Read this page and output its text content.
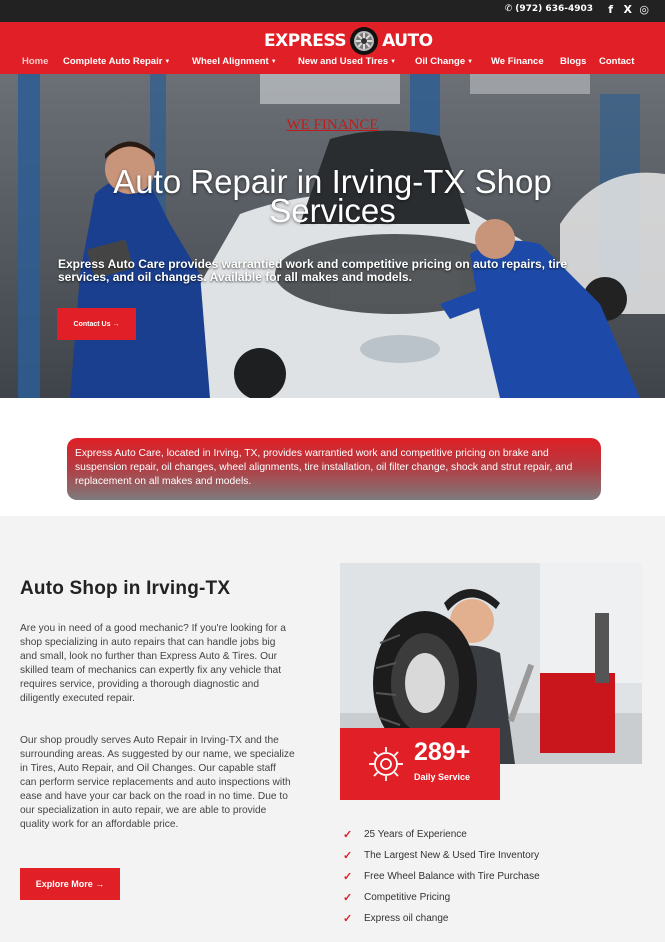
✆ (972) 636-4903 f X ◎
EXPRESS AUTO
Home Complete Auto Repair ▼ Wheel Alignment ▼ New and Used Tires ▼ Oil Change ▼ We Finance Blogs Contact
WE FINANCE
Auto Repair in Irving-TX Shop
Services

Express Auto Care provides warrantied work and competitive pricing on auto repairs, tire services, and oil changes. Available for all makes and models.

Contact Us →
Express Auto Care, located in Irving, TX, provides warrantied work and competitive pricing on brake and suspension repair, oil changes, wheel alignments, tire installation, oil filter change, shock and strut repair, and replacement on all makes and models.
Auto Shop in Irving-TX

Are you in need of a good mechanic? If you're looking for a shop specializing in auto repairs that can handle jobs big and small, look no further than Express Auto & Tires. Our skilled team of mechanics can expertly fix any vehicle that requires service, providing a thorough diagnostic and diligently executed repair.

Our shop proudly serves Auto Repair in Irving-TX and the surrounding areas. As suggested by our name, we specialize in Tires, Auto Repair, and Oil Changes. Our capable staff can perform service replacements and auto inspections with ease and have your car back on the road in no time. Due to our specialization in auto repair, we are able to provide quality work for an affordable price.

Explore More →
289+
Daily Service
✓	25 Years of Experience
✓	The Largest New & Used Tire Inventory
✓	Free Wheel Balance with Tire Purchase
✓	Competitive Pricing
✓	Express oil change
